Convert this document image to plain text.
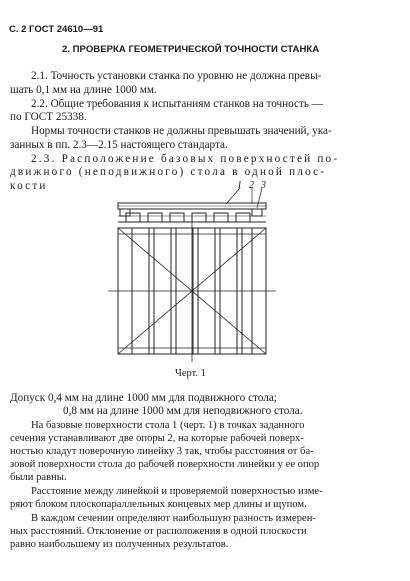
С. 2 ГОСТ 24610—91
2. ПРОВЕРКА ГЕОМЕТРИЧЕСКОЙ ТОЧНОСТИ СТАНКА
2.1. Точность установки станка по уровню не должна превы-
шать 0,1 мм на длине 1000 мм.
2.2. Общие требования к испытаниям станков на точность —
по ГОСТ 25338.
Нормы точности станков не должны превышать значений, ука-
занных в пп. 2.3—2.15 настоящего стандарта.
2.3. Расположение базовых поверхностей по-
движного (неподвижного) стола в одной плос-
кости	1 2 3
Черт. 1
Допуск 0,4 мм на длине 1000 мм для подвижного стола;
0,8 мм на длине 1000 мм для неподвижного стола.
На базовые поверхности стола 1 (черт. 1) в точках заданного
сечения устанавливают две опоры 2, на которые рабочей поверх-
ностью кладут поверочную линейку 3 так, чтобы расстояния от ба-
зовой поверхности стола до рабочей поверхности линейки у ее опор
были равны.
Расстояние между линейкой и проверяемой поверхностью изме-
ряют блоком плоскопараллельных концевых мер длины и щупом.
В каждом сечении определяют наибольшую разность измерен-
ных расстояний. Отклонение от расположения в одной плоскости
равно наибольшему из полученных результатов.
